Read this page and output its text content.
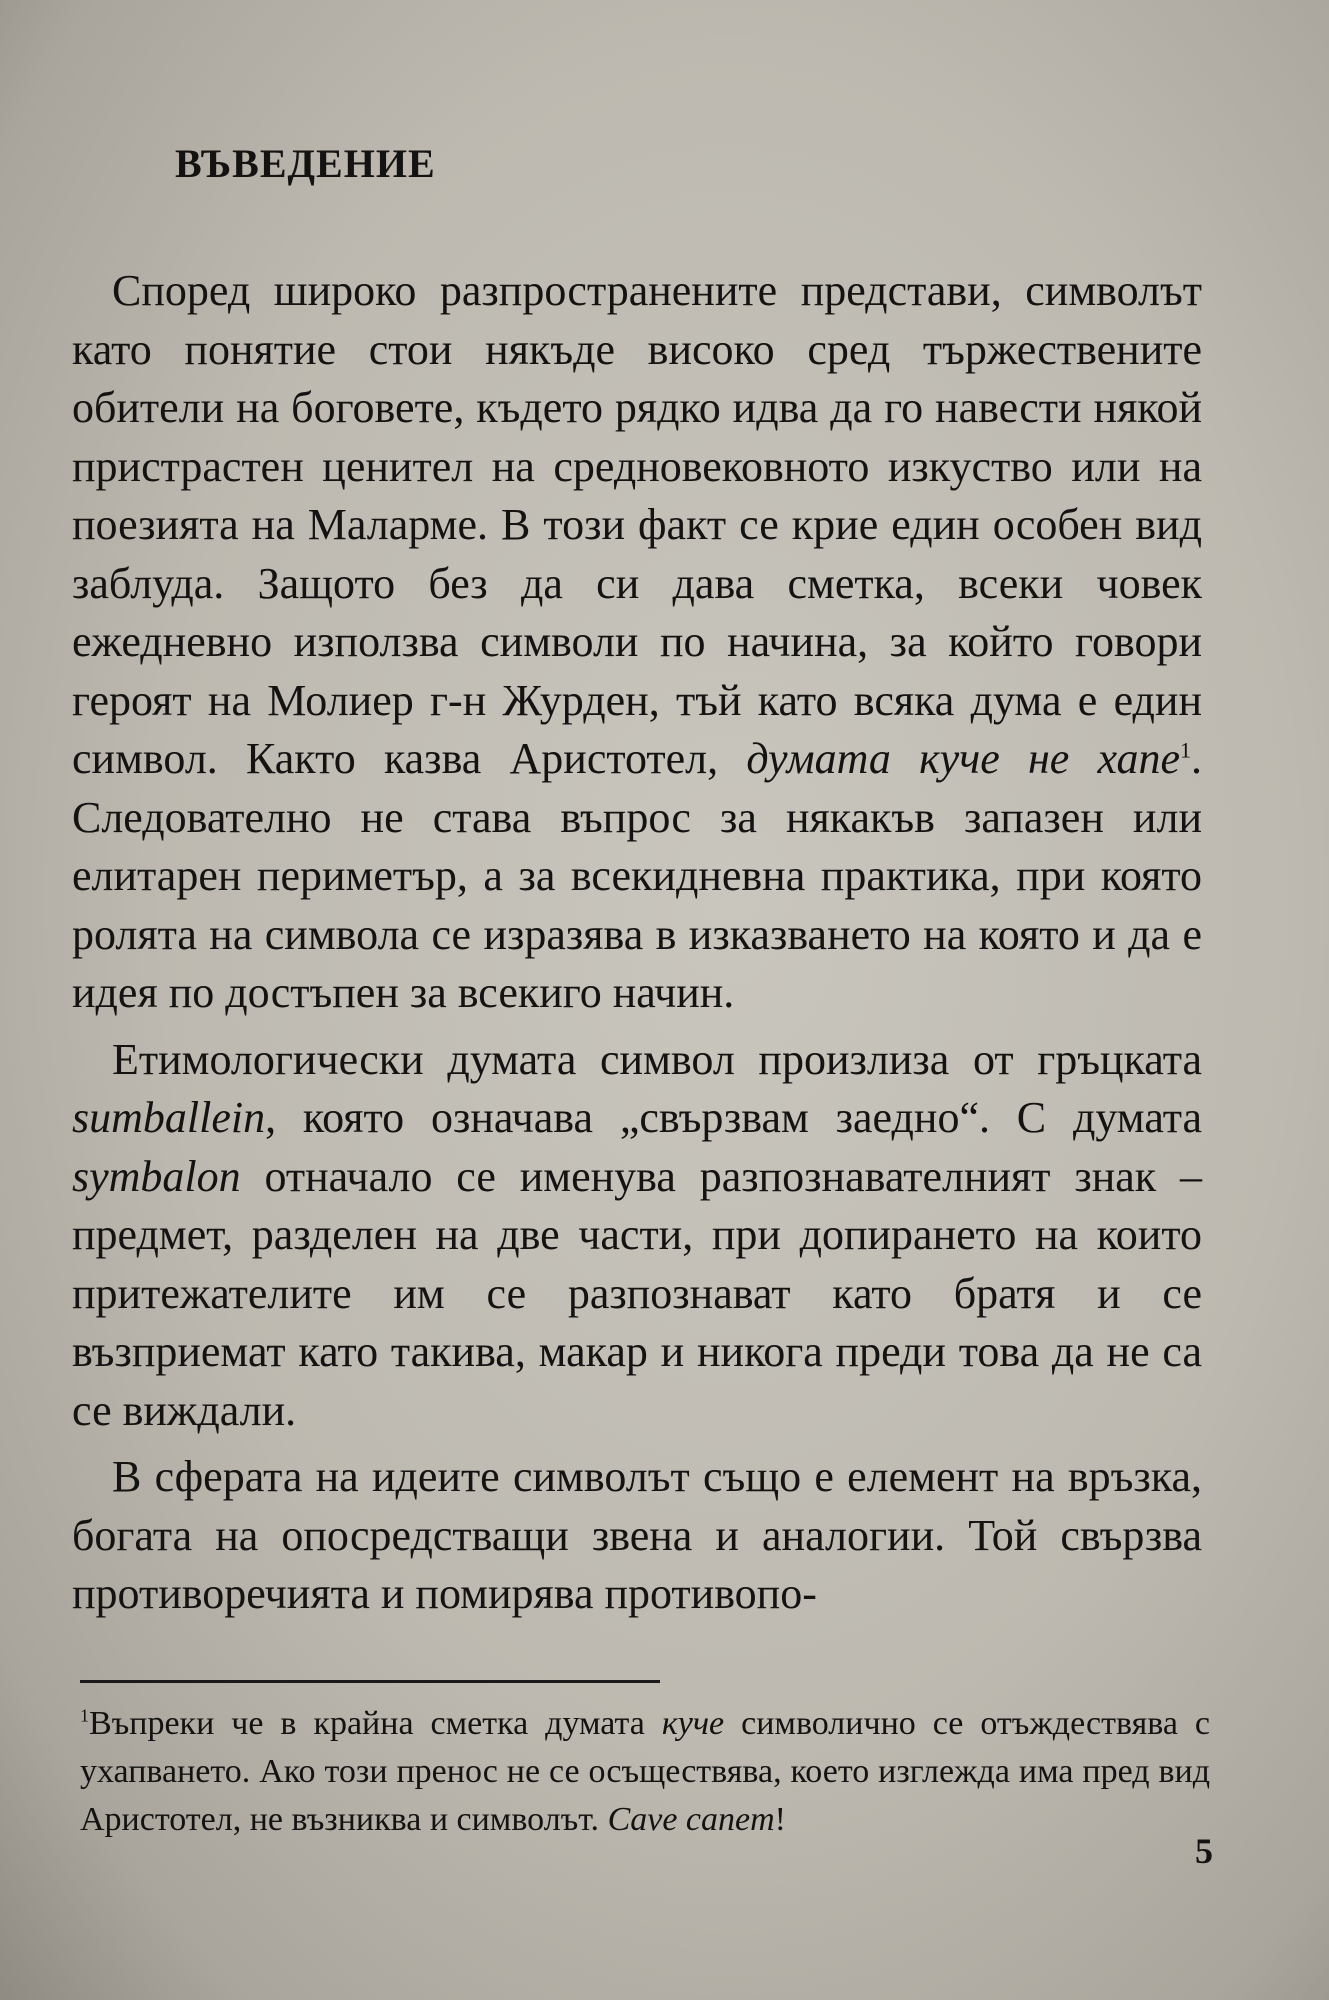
ВЪВЕДЕНИЕ

Според широко разпространените представи, символът като понятие стои някъде високо сред тържествените обители на боговете, където рядко идва да го навести някой пристрастен ценител на средновековното изкуство или на поезията на Маларме. В този факт се крие един особен вид заблуда. Защото без да си дава сметка, всеки човек ежедневно използва символи по начина, за който говори героят на Молиер г-н Журден, тъй като всяка дума е един символ. Както казва Аристотел, думата куче не хапе$^1$. Следователно не става въпрос за някакъв запазен или елитарен периметър, а за всекидневна практика, при която ролята на символа се изразява в изказването на която и да е идея по достъпен за всекиго начин.

Етимологически думата символ произлиза от гръцката sumballein, която означава „свързвам заедно“. С думата symbalon отначало се именува разпознавателният знак – предмет, разделен на две части, при допирането на които притежателите им се разпознават като братя и се възприемат като такива, макар и никога преди това да не са се виждали.

В сферата на идеите символът също е елемент на връзка, богата на опосредстващи звена и аналогии. Той свързва противоречията и помирява противопо-

$^1$Въпреки че в крайна сметка думата куче символично се отъждествява с ухапването. Ако този пренос не се осъществява, което изглежда има пред вид Аристотел, не възниква и символът. Cave canem!

5
